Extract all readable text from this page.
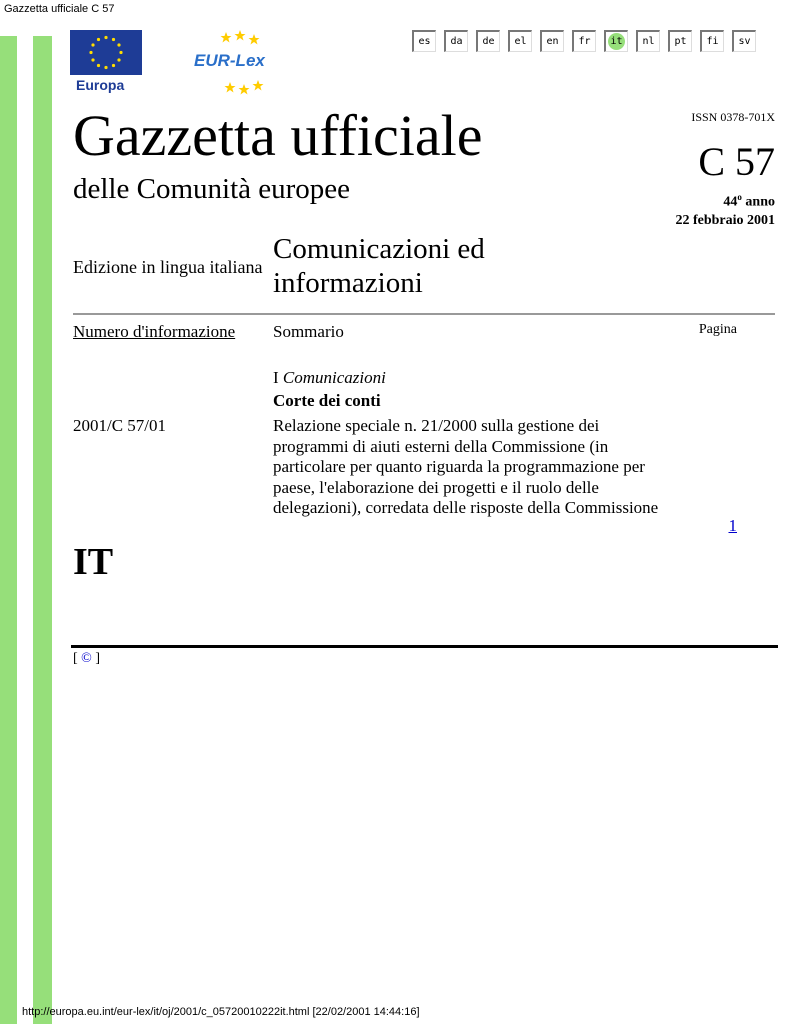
Gazzetta ufficiale C 57
Europa
EUR-Lex
es da de el en fr it nl pt fi sv
ISSN 0378-701X
Gazzetta ufficiale
delle Comunità europee
C 57
44$^o$ anno
22 febbraio 2001
Edizione in lingua italiana
Comunicazioni ed informazioni
Numero d'informazione Sommario	Pagina
I Comunicazioni
Corte dei conti
2001/C 57/01	Relazione speciale n. 21/2000 sulla gestione dei programmi di aiuti esterni della Commissione (in particolare per quanto riguarda la programmazione per paese, l'elaborazione dei progetti e il ruolo delle delegazioni), corredata delle risposte della Commissione
1
IT
[ © ]
http://europa.eu.int/eur-lex/it/oj/2001/c_05720010222it.html [22/02/2001 14:44:16]
